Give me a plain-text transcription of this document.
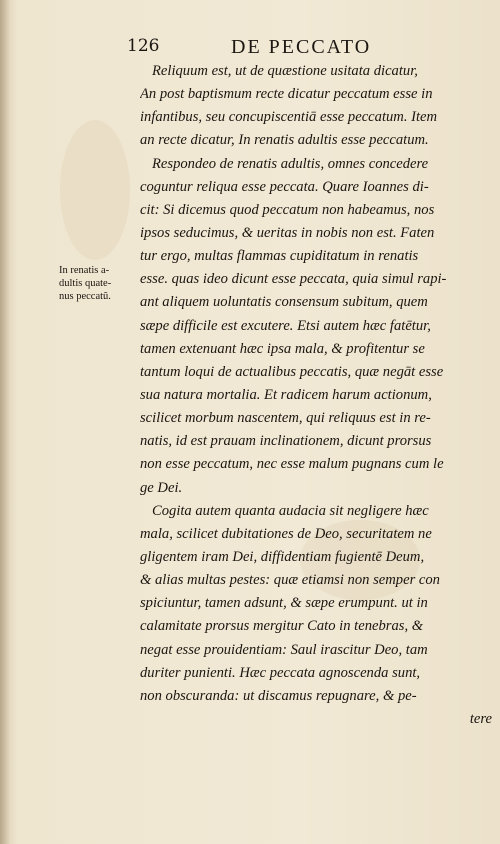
126	DE PECCATO
In renatis a-
dultis quate-
nus peccatũ.
Reliquum est, ut de quæstione usitata dicatur,
An post baptismum recte dicatur peccatum esse in
infantibus, seu concupiscentiā esse peccatum. Item
an recte dicatur, In renatis adultis esse peccatum.
Respondeo de renatis adultis, omnes concedere
coguntur reliqua esse peccata. Quare Ioannes di-
cit: Si dicemus quod peccatum non habeamus, nos
ipsos seducimus, & ueritas in nobis non est. Faten
tur ergo, multas flammas cupiditatum in renatis
esse. quas ideo dicunt esse peccata, quia simul rapi-
ant aliquem uoluntatis consensum subitum, quem
sæpe difficile est excutere. Etsi autem hæc fatētur,
tamen extenuant hæc ipsa mala, & profitentur se
tantum loqui de actualibus peccatis, quæ negāt esse
sua natura mortalia. Et radicem harum actionum,
scilicet morbum nascentem, qui reliquus est in re-
natis, id est prauam inclinationem, dicunt prorsus
non esse peccatum, nec esse malum pugnans cum le
ge Dei.
Cogita autem quanta audacia sit negligere hæc
mala, scilicet dubitationes de Deo, securitatem ne
gligentem iram Dei, diffidentiam fugientē Deum,
& alias multas pestes: quæ etiamsi non semper con
spiciuntur, tamen adsunt, & sæpe erumpunt. ut in
calamitate prorsus mergitur Cato in tenebras, &
negat esse prouidentiam: Saul irascitur Deo, tam
duriter punienti. Hæc peccata agnoscenda sunt,
non obscuranda: ut discamus repugnare, & pe-
tere
